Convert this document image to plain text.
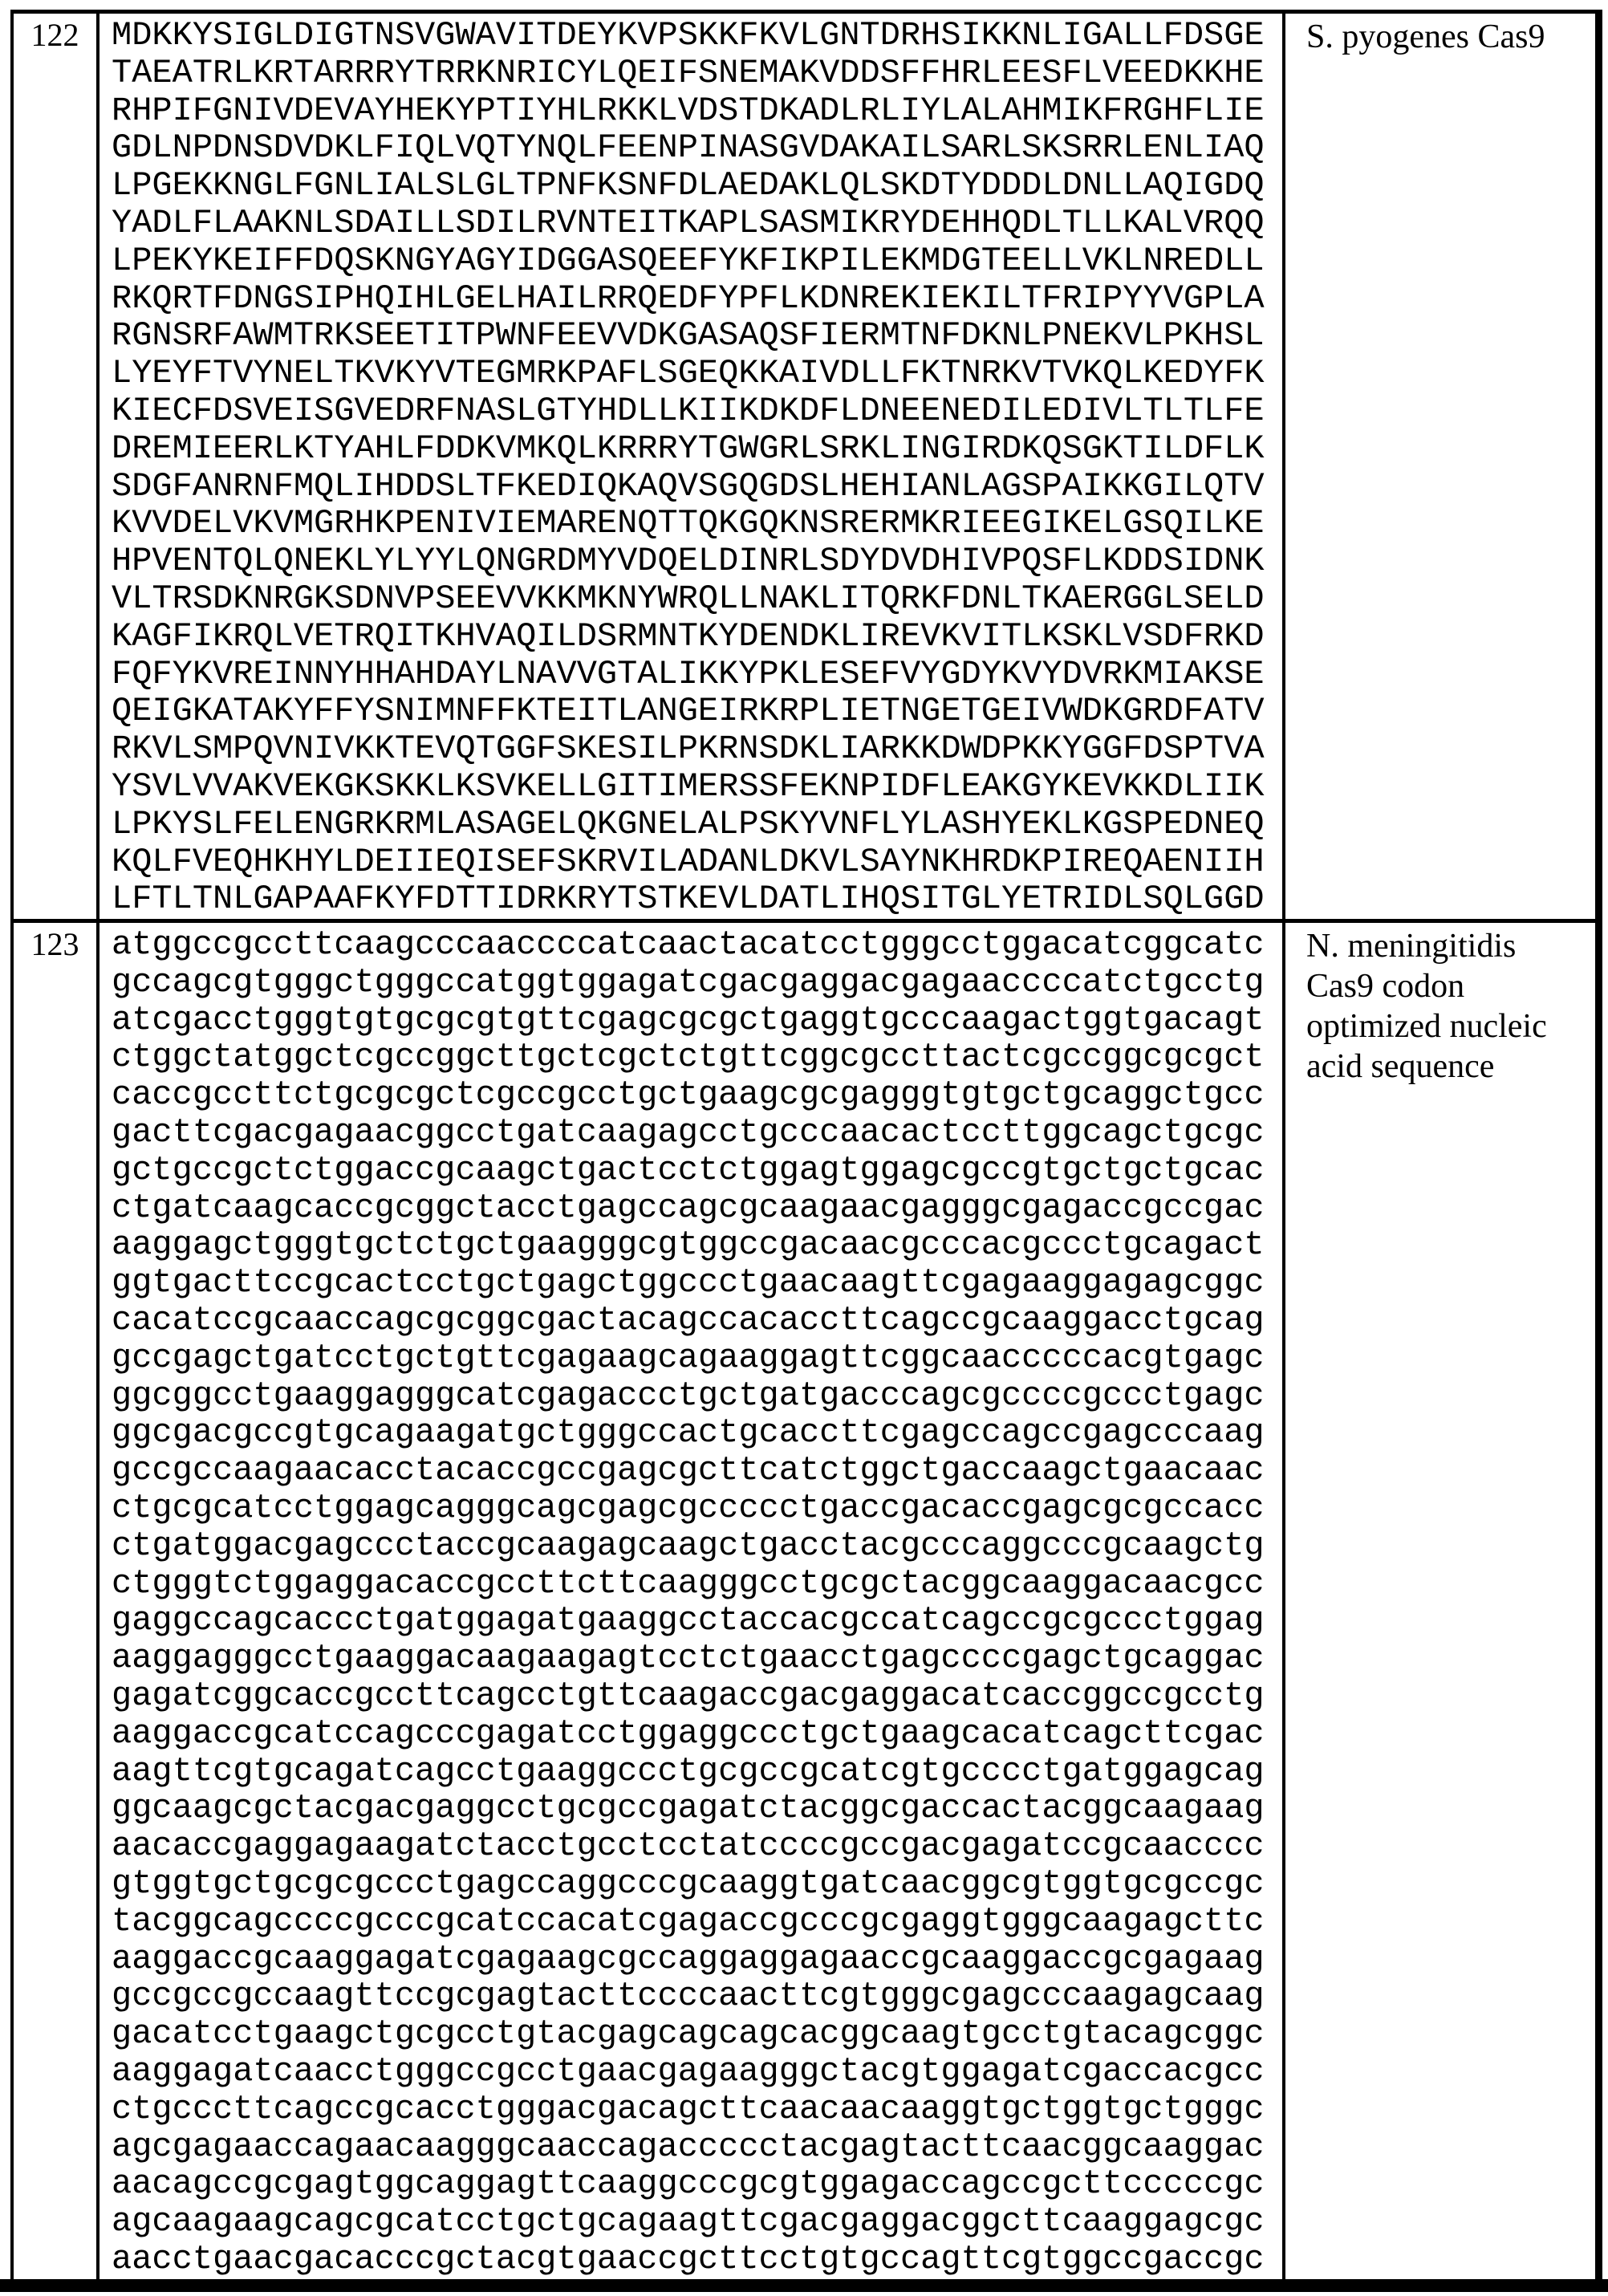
122 MDKKYSIGLDIGTNSVGWAVITDEYKVPSKKFKVLGNTDRHSIKKNLIGALLFDSGE
TAEATRLKRTARRRYTRRKNRICYLQEIFSNEMAKVDDSFFHRLEESFLVEEDKKHE
RHPIFGNIVDEVAYHEKYPTIYHLRKKLVDSTDKADLRLIYLALAHMIKFRGHFLIE
GDLNPDNSDVDKLFIQLVQTYNQLFEENPINASGVDAKAILSARLSKSRRLENLIAQ
LPGEKKNGLFGNLIALSLGLTPNFKSNFDLAEDAKLQLSKDTYDDDLDNLLAQIGDQ
YADLFLAAKNLSDAILLSDILRVNTEITKAPLSASMIKRYDEHHQDLTLLKALVRQQ
LPEKYKEIFFDQSKNGYAGYIDGGASQEEFYKFIKPILEKMDGTEELLVKLNREDLL
RKQRTFDNGSIPHQIHLGELHAILRRQEDFYPFLKDNREKIEKILTFRIPYYVGPLA
RGNSRFAWMTRKSEETITPWNFEEVVDKGASAQSFIERMTNFDKNLPNEKVLPKHSL
LYEYFTVYNELTKVKYVTEGMRKPAFLSGEQKKAIVDLLFKTNRKVTVKQLKEDYFK
KIECFDSVEISGVEDRFNASLGTYHDLLKIIKDKDFLDNEENEDILEDIVLTLTLFE
DREMIEERLKTYAHLFDDKVMKQLKRRRYTGWGRLSRKLINGIRDKQSGKTILDFLK
SDGFANRNFMQLIHDDSLTFKEDIQKAQVSGQGDSLHEHIANLAGSPAIKKGILQTV
KVVDELVKVMGRHKPENIVIEMARENQTTQKGQKNSRERMKRIEEGIKELGSQILKE
HPVENTQLQNEKLYLYYLQNGRDMYVDQELDINRLSDYDVDHIVPQSFLKDDSIDNK
VLTRSDKNRGKSDNVPSEEVVKKMKNYWRQLLNAKLITQRKFDNLTKAERGGLSELD
KAGFIKRQLVETRQITKHVAQILDSRMNTKYDENDKLIREVKVITLKSKLVSDFRKD
FQFYKVREINNYHHAHDAYLNAVVGTALIKKYPKLESEFVYGDYKVYDVRKMIAKSE
QEIGKATAKYFFYSNIMNFFKTEITLANGEIRKRPLIETNGETGEIVWDKGRDFATV
RKVLSMPQVNIVKKTEVQTGGFSKESILPKRNSDKLIARKKDWDPKKYGGFDSPTVA
YSVLVVAKVEKGKSKKLKSVKELLGITIMERSSFEKNPIDFLEAKGYKEVKKDLIIK
LPKYSLFELENGRKRMLASAGELQKGNELALPSKYVNFLYLASHYEKLKGSPEDNEQ
KQLFVEQHKHYLDEIIEQISEFSKRVILADANLDKVLSAYNKHRDKPIREQAENIIH
LFTLTNLGAPAAFKYFDTTIDRKRYTSTKEVLDATLIHQSITGLYETRIDLSQLGGD
S. pyogenes Cas9
123 atggccgccttcaagcccaaccccatcaactacatcctgggcctggacatcggcatc
gccagcgtgggctgggccatggtggagatcgacgaggacgagaaccccatctgcctg
atcgacctgggtgtgcgcgtgttcgagcgcgctgaggtgcccaagactggtgacagt
ctggctatggctcgccggcttgctcgctctgttcggcgccttactcgccggcgcgct
caccgccttctgcgcgctcgccgcctgctgaagcgcgagggtgtgctgcaggctgcc
gacttcgacgagaacggcctgatcaagagcctgcccaacactccttggcagctgcgc
gctgccgctctggaccgcaagctgactcctctggagtggagcgccgtgctgctgcac
ctgatcaagcaccgcggctacctgagccagcgcaagaacgagggcgagaccgccgac
aaggagctgggtgctctgctgaagggcgtggccgacaacgcccacgccctgcagact
ggtgacttccgcactcctgctgagctggccctgaacaagttcgagaaggagagcggc
cacatccgcaaccagcgcggcgactacagccacaccttcagccgcaaggacctgcag
gccgagctgatcctgctgttcgagaagcagaaggagttcggcaacccccacgtgagc
ggcggcctgaaggagggcatcgagaccctgctgatgacccagcgccccgccctgagc
ggcgacgccgtgcagaagatgctgggccactgcaccttcgagccagccgagcccaag
gccgccaagaacacctacaccgccgagcgcttcatctggctgaccaagctgaacaac
ctgcgcatcctggagcagggcagcgagcgccccctgaccgacaccgagcgcgccacc
ctgatggacgagccctaccgcaagagcaagctgacctacgcccaggcccgcaagctg
ctgggtctggaggacaccgccttcttcaagggcctgcgctacggcaaggacaacgcc
gaggccagcaccctgatggagatgaaggcctaccacgccatcagccgcgccctggag
aaggagggcctgaaggacaagaagagtcctctgaacctgagccccgagctgcaggac
gagatcggcaccgccttcagcctgttcaagaccgacgaggacatcaccggccgcctg
aaggaccgcatccagcccgagatcctggaggccctgctgaagcacatcagcttcgac
aagttcgtgcagatcagcctgaaggccctgcgccgcatcgtgcccctgatggagcag
ggcaagcgctacgacgaggcctgcgccgagatctacggcgaccactacggcaagaag
aacaccgaggagaagatctacctgcctcctatccccgccgacgagatccgcaacccc
gtggtgctgcgcgccctgagccaggcccgcaaggtgatcaacggcgtggtgcgccgc
tacggcagccccgcccgcatccacatcgagaccgcccgcgaggtgggcaagagcttc
aaggaccgcaaggagatcgagaagcgccaggaggagaaccgcaaggaccgcgagaag
gccgccgccaagttccgcgagtacttccccaacttcgtgggcgagcccaagagcaag
gacatcctgaagctgcgcctgtacgagcagcagcacggcaagtgcctgtacagcggc
aaggagatcaacctgggccgcctgaacgagaagggctacgtggagatcgaccacgcc
ctgcccttcagccgcacctgggacgacagcttcaacaacaaggtgctggtgctgggc
agcgagaaccagaacaagggcaaccagaccccctacgagtacttcaacggcaaggac
aacagccgcgagtggcaggagttcaaggcccgcgtggagaccagccgcttcccccgc
agcaagaagcagcgcatcctgctgcagaagttcgacgaggacggcttcaaggagcgc
aacctgaacgacacccgctacgtgaaccgcttcctgtgccagttcgtggccgaccgc
N. meningitidis
Cas9 codon
optimized nucleic
acid sequence
